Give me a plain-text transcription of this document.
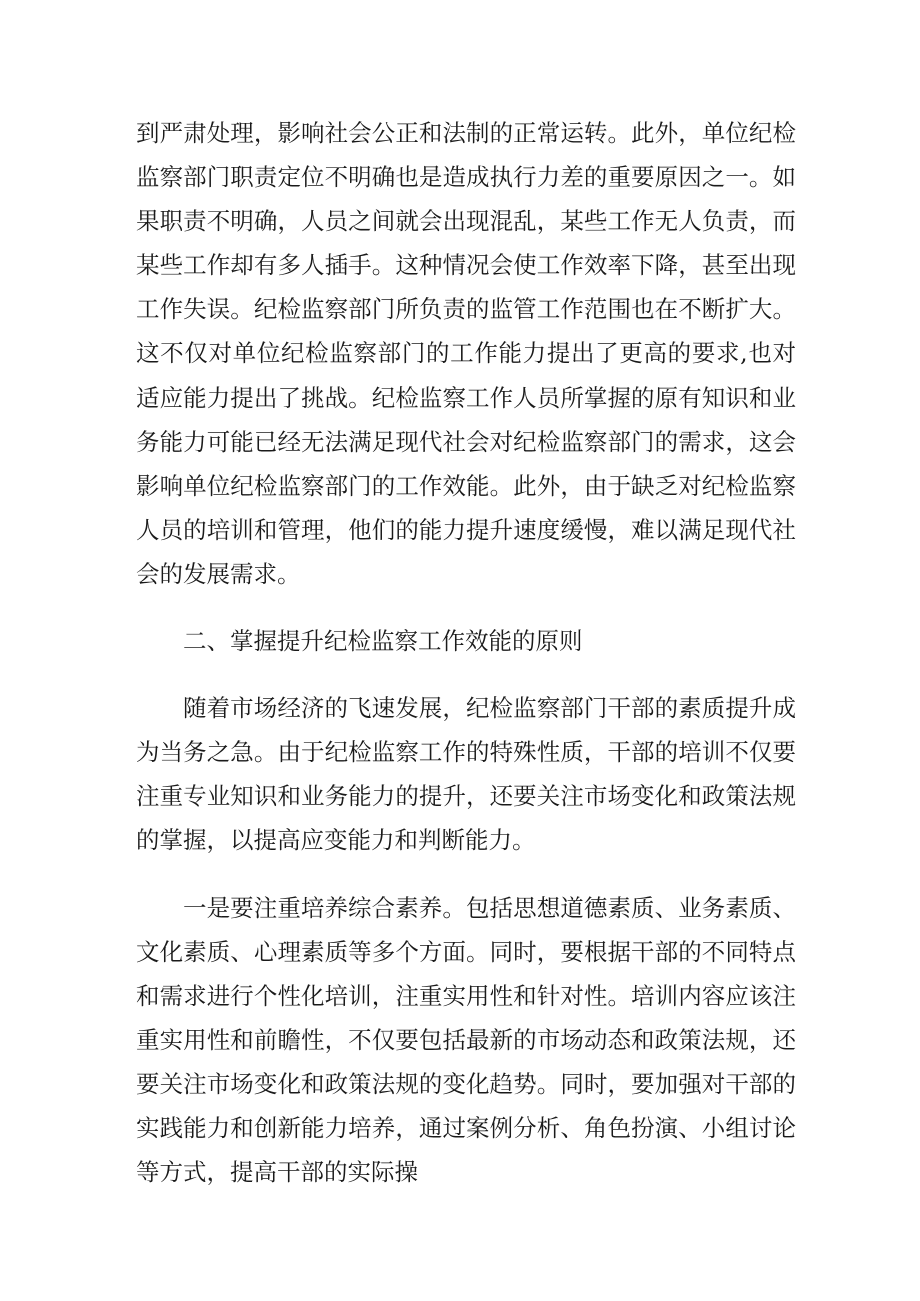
到严肃处理，影响社会公正和法制的正常运转。此外，单位纪检监察部门职责定位不明确也是造成执行力差的重要原因之一。如果职责不明确，人员之间就会出现混乱，某些工作无人负责，而某些工作却有多人插手。这种情况会使工作效率下降，甚至出现工作失误。纪检监察部门所负责的监管工作范围也在不断扩大。这不仅对单位纪检监察部门的工作能力提出了更高的要求,也对适应能力提出了挑战。纪检监察工作人员所掌握的原有知识和业务能力可能已经无法满足现代社会对纪检监察部门的需求，这会影响单位纪检监察部门的工作效能。此外，由于缺乏对纪检监察人员的培训和管理，他们的能力提升速度缓慢，难以满足现代社会的发展需求。

二、掌握提升纪检监察工作效能的原则

随着市场经济的飞速发展，纪检监察部门干部的素质提升成为当务之急。由于纪检监察工作的特殊性质，干部的培训不仅要注重专业知识和业务能力的提升，还要关注市场变化和政策法规的掌握，以提高应变能力和判断能力。

一是要注重培养综合素养。包括思想道德素质、业务素质、文化素质、心理素质等多个方面。同时，要根据干部的不同特点和需求进行个性化培训，注重实用性和针对性。培训内容应该注重实用性和前瞻性，不仅要包括最新的市场动态和政策法规，还要关注市场变化和政策法规的变化趋势。同时，要加强对干部的实践能力和创新能力培养，通过案例分析、角色扮演、小组讨论等方式，提高干部的实际操
